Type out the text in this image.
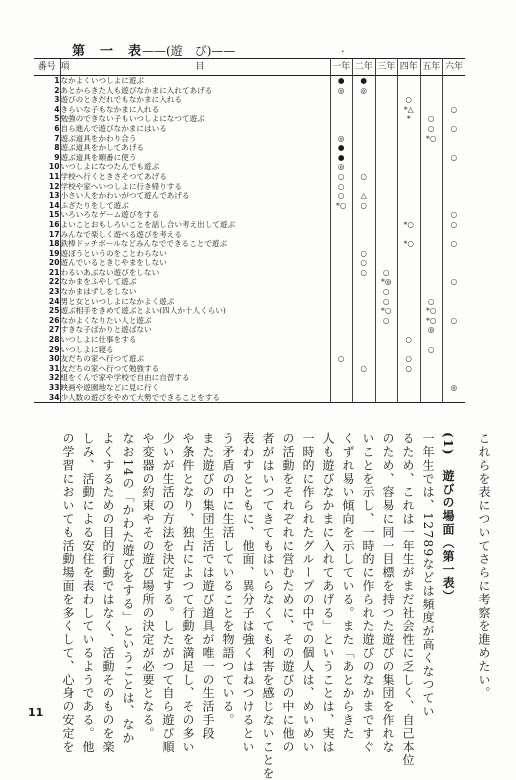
第　一　表——(遊　び)——	.
番号	項　　　　　　　　　　　　　　目	一年	二年	三年	四年	五年	六年
1	なかよくいつしよに遊ぶ	●	●				
2	あとからきた人も遊びなかまに入れてあげる	◎	◎				
3	遊びのときだれでもなかまに入れる				○		
4	きらいな子もなかまに入れる				*△		○
5	勉強のできない子もいつしよになつて遊ぶ				*	○	
6	自ら進んで遊びなかまにはいる					○	○
7	遊ぶ道具をかわり合う	◎				*○	
8	遊ぶ道具をかしてあげる	●					
9	遊ぶ道具を順番に使う	●					○
10	いつしよになつたんでも遊ぶ	◎					
11	学校へ行くときさそつてあげる	○	○				
12	学校や家へいつしよに行き帰りする	○					
13	小さい人をかわいがつて遊んであげる	○	△				
14	ふざたりをして遊ぶ	*○	○				
15	いろいろなゲーム遊びをする						○
16	よいことおもしろいことを話し合い考え出して遊ぶ				*○		○
17	みんなで楽しく遊べる遊びを考える						
18	鉄棒ドッチボールなどみんなでできることで遊ぶ				*○		○
19	遊ぼうというのをことわらない		○				
20	遊んでいるときじやまをしない		○				
21	わるいあぶない遊びをしない		○	○			
22	なかまをふやして遊ぶ			*◎			○
23	なかまはずしをしない			○			
24	男と女といつしよになかよく遊ぶ			○		○	
25	遊ぶ相手をきめて遊ぶとよい(四人か十人くらい)			*○		*○	
26	なかよくなりたい人と遊ぶ			○		*○	○
27	すきな子ばかりと遊ばない					◎	
28	いつしよに仕事をする				○		
29	いつしよに寝る					○	
30	友だちの家へ行つて遊ぶ	○			○		
31	友だちの家へ行つて勉強する		○		○		
32	組をくんで家や学校で自由に自習する						
33	映画や遊園地などに見に行く						◎
34	少人数の遊びをやめて大勢でできることをする						
これらを表についてさらに考察を進めたい。
(1)　遊びの場面（第一表）
一年生では、12789などは頻度が高くなつてい
るため、これは一年生がまだ社会性に乏しく、自己本位
のため、容易に同一目標を持つた遊びの集団を作れな
いことを示し、一時的に作られた遊びのなかまですぐ
くずれ易い傾向を示している。また「あとからきた
人も遊びなかまに入れてあげる」ということは、実は
一時的に作られたグループの中での個人は、めいめい
の活動をそれぞれに営むために、その遊びの中に他の
者がはいつてきてもはいらなくても利害を感じないことを
表わすとともに、他面、異分子は強くはねつけるとい
う矛盾の中に生活していることを物語つている。
また遊びの集団生活では遊び道具が唯一の生活手段
や条件となり、独占によつて行動を満足し、その多い
少いが生活の方法を決定する。したがつて自ら遊び順
や変器の約束やその遊び場所の決定が必要となる。
なお14の「かわた遊びをする」ということは、なか
よくするための目的行動ではなく、活動そのものを楽
しみ、活動による安住を表わしているようである。他
の学習においても活動場面を多くして、心身の安定を
11
